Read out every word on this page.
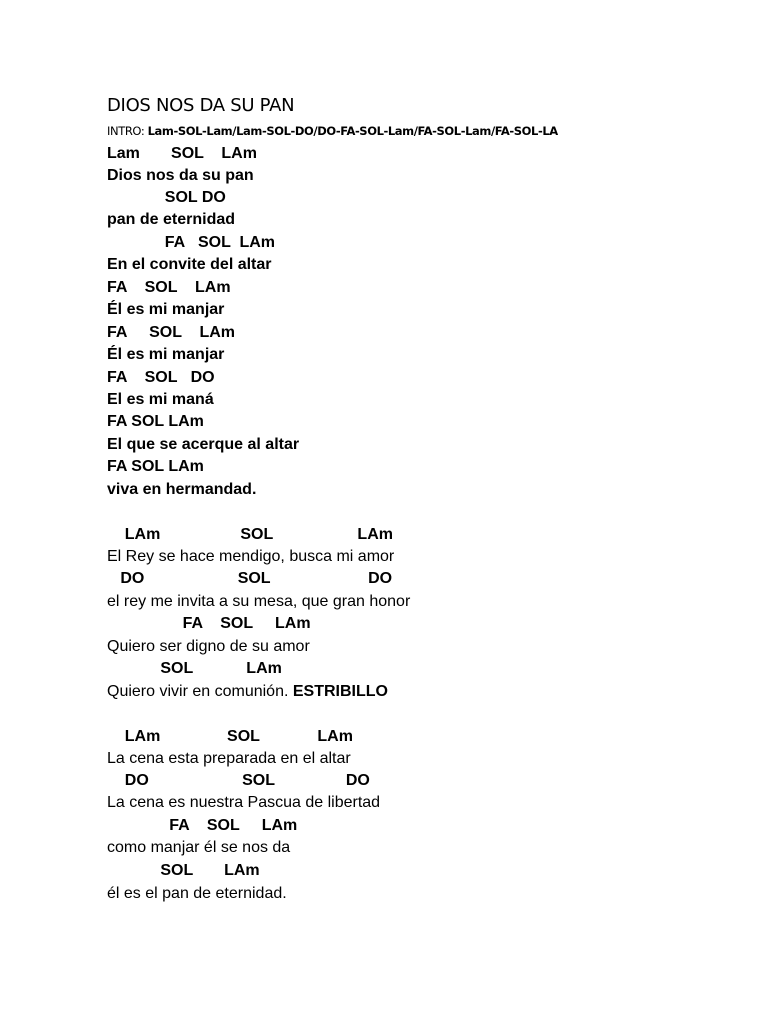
DIOS NOS DA SU PAN
INTRO: Lam-SOL-Lam/Lam-SOL-DO/DO-FA-SOL-Lam/FA-SOL-Lam/FA-SOL-LA
Lam       SOL    LAm
Dios nos da su pan
SOL DO
pan de eternidad
FA   SOL  LAm
En el convite del altar
FA    SOL    LAm
Él es mi manjar
FA     SOL    LAm
Él es mi manjar
FA    SOL   DO
El es mi maná
FA SOL LAm
El que se acerque al altar
FA SOL LAm
viva en hermandad.
LAm                  SOL                   LAm
El Rey se hace mendigo, busca mi amor
DO                     SOL                      DO
el rey me invita a su mesa, que gran honor
FA    SOL     LAm
Quiero ser digno de su amor
SOL            LAm
Quiero vivir en comunión. ESTRIBILLO
LAm               SOL             LAm
La cena esta preparada en el altar
DO                     SOL                DO
La cena es nuestra Pascua de libertad
FA    SOL     LAm
como manjar él se nos da
SOL       LAm
él es el pan de eternidad.
